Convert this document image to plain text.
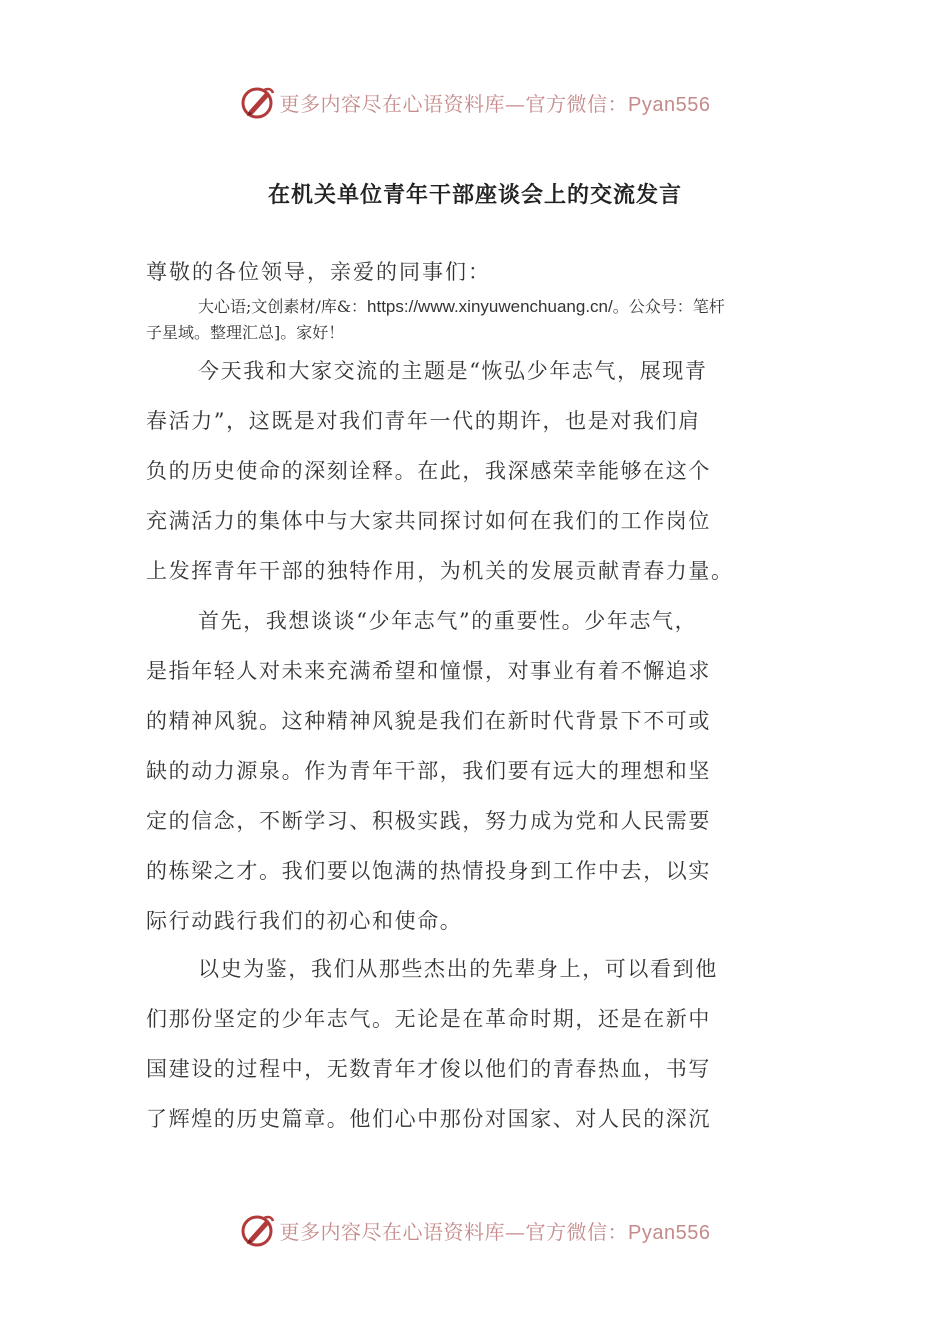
更多内容尽在心语资料库—官方微信：Pyan556
在机关单位青年干部座谈会上的交流发言
尊敬的各位领导，亲爱的同事们：
大心语;文创素材/库&：https://www.xinyuwenchuang.cn/。公众号：笔杆
子星域。整理汇总]。家好！
今天我和大家交流的主题是“恢弘少年志气，展现青
春活力”，这既是对我们青年一代的期许，也是对我们肩
负的历史使命的深刻诠释。在此，我深感荣幸能够在这个
充满活力的集体中与大家共同探讨如何在我们的工作岗位
上发挥青年干部的独特作用，为机关的发展贡献青春力量。
首先，我想谈谈“少年志气”的重要性。少年志气，
是指年轻人对未来充满希望和憧憬，对事业有着不懈追求
的精神风貌。这种精神风貌是我们在新时代背景下不可或
缺的动力源泉。作为青年干部，我们要有远大的理想和坚
定的信念，不断学习、积极实践，努力成为党和人民需要
的栋梁之才。我们要以饱满的热情投身到工作中去，以实
际行动践行我们的初心和使命。
以史为鉴，我们从那些杰出的先辈身上，可以看到他
们那份坚定的少年志气。无论是在革命时期，还是在新中
国建设的过程中，无数青年才俊以他们的青春热血，书写
了辉煌的历史篇章。他们心中那份对国家、对人民的深沉
更多内容尽在心语资料库—官方微信：Pyan556
